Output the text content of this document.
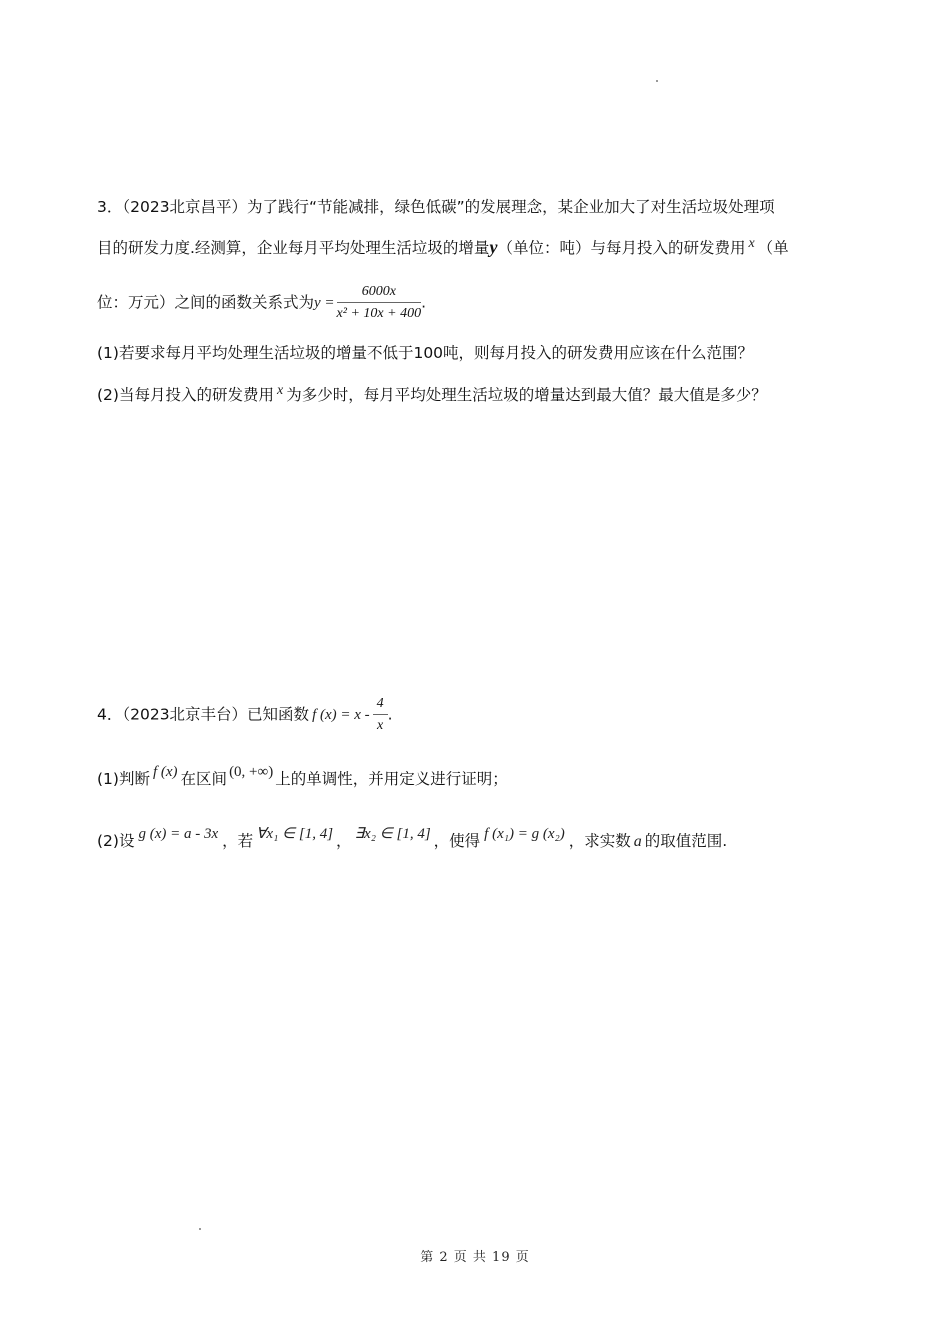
3．（2023北京昌平）为了践行“节能减排，绿色低碳”的发展理念，某企业加大了对生活垃圾处理项
目的研发力度.经测算，企业每月平均处理生活垃圾的增量y（单位：吨）与每月投入的研发费用 x （单
位：万元）之间的函数关系式为$y = \frac{6000x}{\text{x² + 10x + 400}}$ .
(1)若要求每月平均处理生活垃圾的增量不低于100吨，则每月投入的研发费用应该在什么范围？
(2)当每月投入的研发费用 x 为多少时，每月平均处理生活垃圾的增量达到最大值？最大值是多少？
4．（2023北京丰台）已知函数 f $(x) = x - \frac{4}{x}$ .
(1)判断 f (x) 在区间 (0, +∞) 上的单调性，并用定义进行证明；
(2)设 g (x) = a - 3x ，若 ∀x₁ ∈ [1, 4] ， ∃x₂ ∈ [1, 4] ，使得 f (x₁) = g (x₂) ，求实数 a 的取值范围.
第 2 页 共 19 页
